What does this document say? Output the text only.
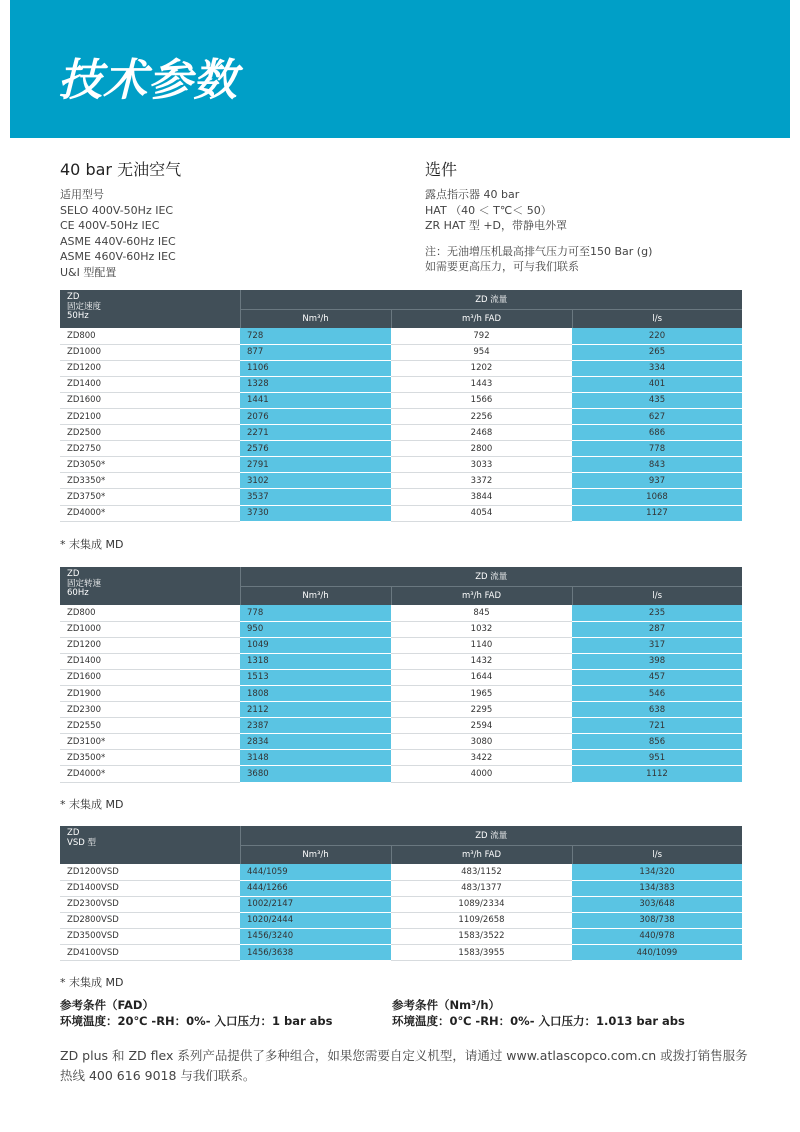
技术参数
40 bar 无油空气
适用型号
SELO 400V-50Hz IEC
CE 400V-50Hz IEC
ASME 440V-60Hz IEC
ASME 460V-60Hz IEC
U&I 型配置
选件
露点指示器 40 bar
HAT （40 ＜ T℃＜ 50）
ZR HAT 型 +D，带静电外罩
注：无油增压机最高排气压力可至150 Bar (g)
如需要更高压力，可与我们联系
ZD
固定速度
50Hz	ZD 流量		
	Nm³/h	m³/h FAD	l/s
ZD800	728	792	220
ZD1000	877	954	265
ZD1200	1106	1202	334
ZD1400	1328	1443	401
ZD1600	1441	1566	435
ZD2100	2076	2256	627
ZD2500	2271	2468	686
ZD2750	2576	2800	778
ZD3050*	2791	3033	843
ZD3350*	3102	3372	937
ZD3750*	3537	3844	1068
ZD4000*	3730	4054	1127
* 末集成 MD
ZD
固定转速
60Hz	ZD 流量		
	Nm³/h	m³/h FAD	l/s
ZD800	778	845	235
ZD1000	950	1032	287
ZD1200	1049	1140	317
ZD1400	1318	1432	398
ZD1600	1513	1644	457
ZD1900	1808	1965	546
ZD2300	2112	2295	638
ZD2550	2387	2594	721
ZD3100*	2834	3080	856
ZD3500*	3148	3422	951
ZD4000*	3680	4000	1112
* 末集成 MD
ZD
VSD 型	ZD 流量		
	Nm³/h	m³/h FAD	l/s
ZD1200VSD	444/1059	483/1152	134/320
ZD1400VSD	444/1266	483/1377	134/383
ZD2300VSD	1002/2147	1089/2334	303/648
ZD2800VSD	1020/2444	1109/2658	308/738
ZD3500VSD	1456/3240	1583/3522	440/978
ZD4100VSD	1456/3638	1583/3955	440/1099
* 末集成 MD
参考条件（FAD）
环境温度：20℃ -RH：0%- 入口压力：1 bar abs
参考条件（Nm³/h）
环境温度：0℃ -RH：0%- 入口压力：1.013 bar abs
ZD plus 和 ZD flex 系列产品提供了多种组合，如果您需要自定义机型，请通过 www.atlascopco.com.cn 或拨打销售服务热线 400 616 9018 与我们联系。
